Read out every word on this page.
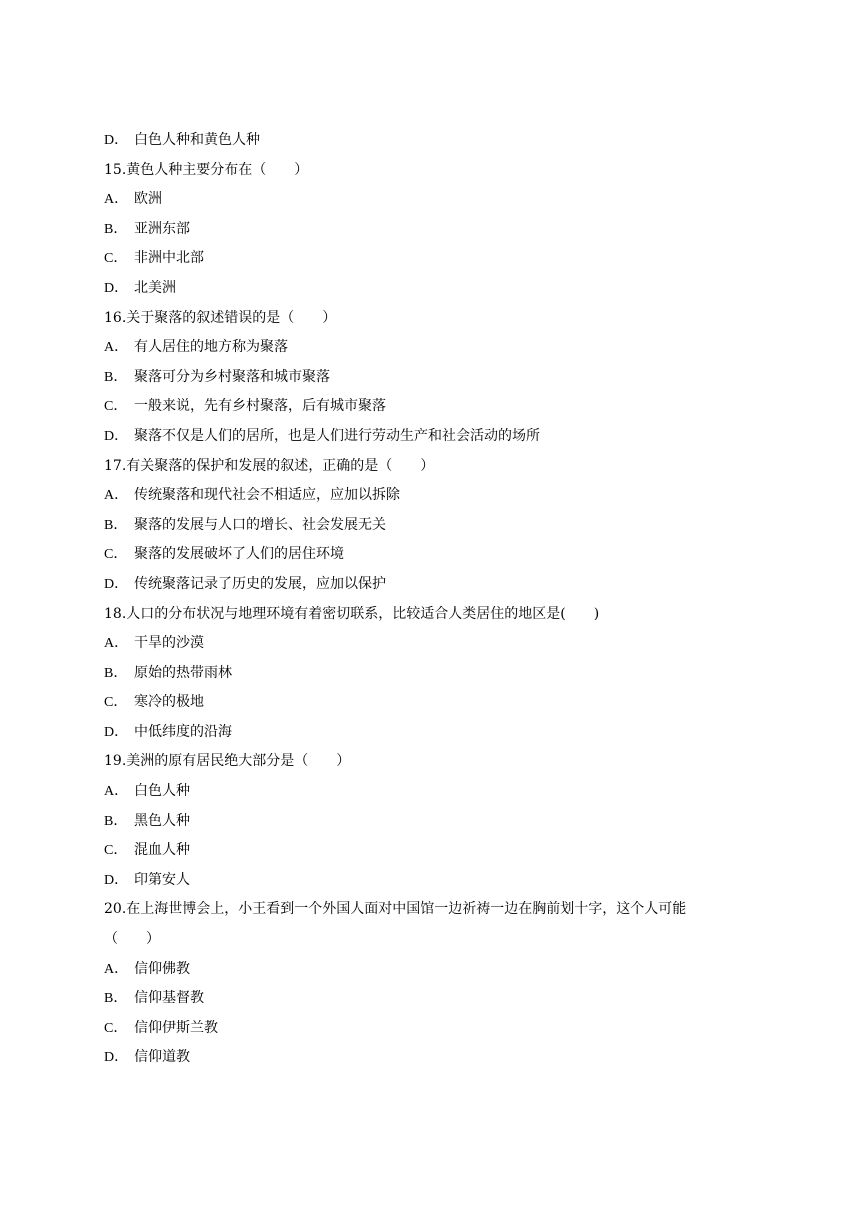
D． 白色人种和黄色人种
15.黄色人种主要分布在（　　）
A． 欧洲
B． 亚洲东部
C． 非洲中北部
D． 北美洲
16.关于聚落的叙述错误的是（　　）
A． 有人居住的地方称为聚落
B． 聚落可分为乡村聚落和城市聚落
C． 一般来说，先有乡村聚落，后有城市聚落
D． 聚落不仅是人们的居所，也是人们进行劳动生产和社会活动的场所
17.有关聚落的保护和发展的叙述，正确的是（　　）
A． 传统聚落和现代社会不相适应，应加以拆除
B． 聚落的发展与人口的增长、社会发展无关
C． 聚落的发展破坏了人们的居住环境
D． 传统聚落记录了历史的发展，应加以保护
18.人口的分布状况与地理环境有着密切联系，比较适合人类居住的地区是(　　)
A． 干旱的沙漠
B． 原始的热带雨林
C． 寒冷的极地
D． 中低纬度的沿海
19.美洲的原有居民绝大部分是（　　）
A． 白色人种
B． 黑色人种
C． 混血人种
D． 印第安人
20.在上海世博会上，小王看到一个外国人面对中国馆一边祈祷一边在胸前划十字，这个人可能
（　　）
A． 信仰佛教
B． 信仰基督教
C． 信仰伊斯兰教
D． 信仰道教
